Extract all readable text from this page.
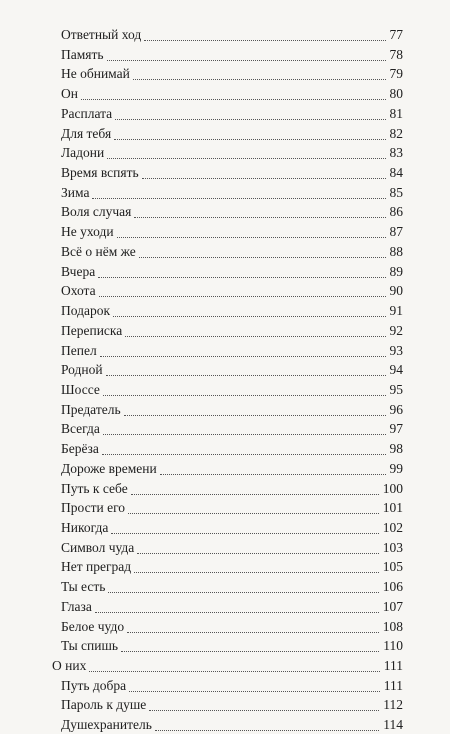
Ответный ход	77
Память	78
Не обнимай	79
Он	80
Расплата	81
Для тебя	82
Ладони	83
Время вспять	84
Зима	85
Воля случая	86
Не уходи	87
Всё о нём же	88
Вчера	89
Охота	90
Подарок	91
Переписка	92
Пепел	93
Родной	94
Шоссе	95
Предатель	96
Всегда	97
Берёза	98
Дороже времени	99
Путь к себе	100
Прости его	101
Никогда	102
Символ чуда	103
Нет преград	105
Ты есть	106
Глаза	107
Белое чудо	108
Ты спишь	110
О них	111
Путь добра	111
Пароль к душе	112
Душехранитель	114
